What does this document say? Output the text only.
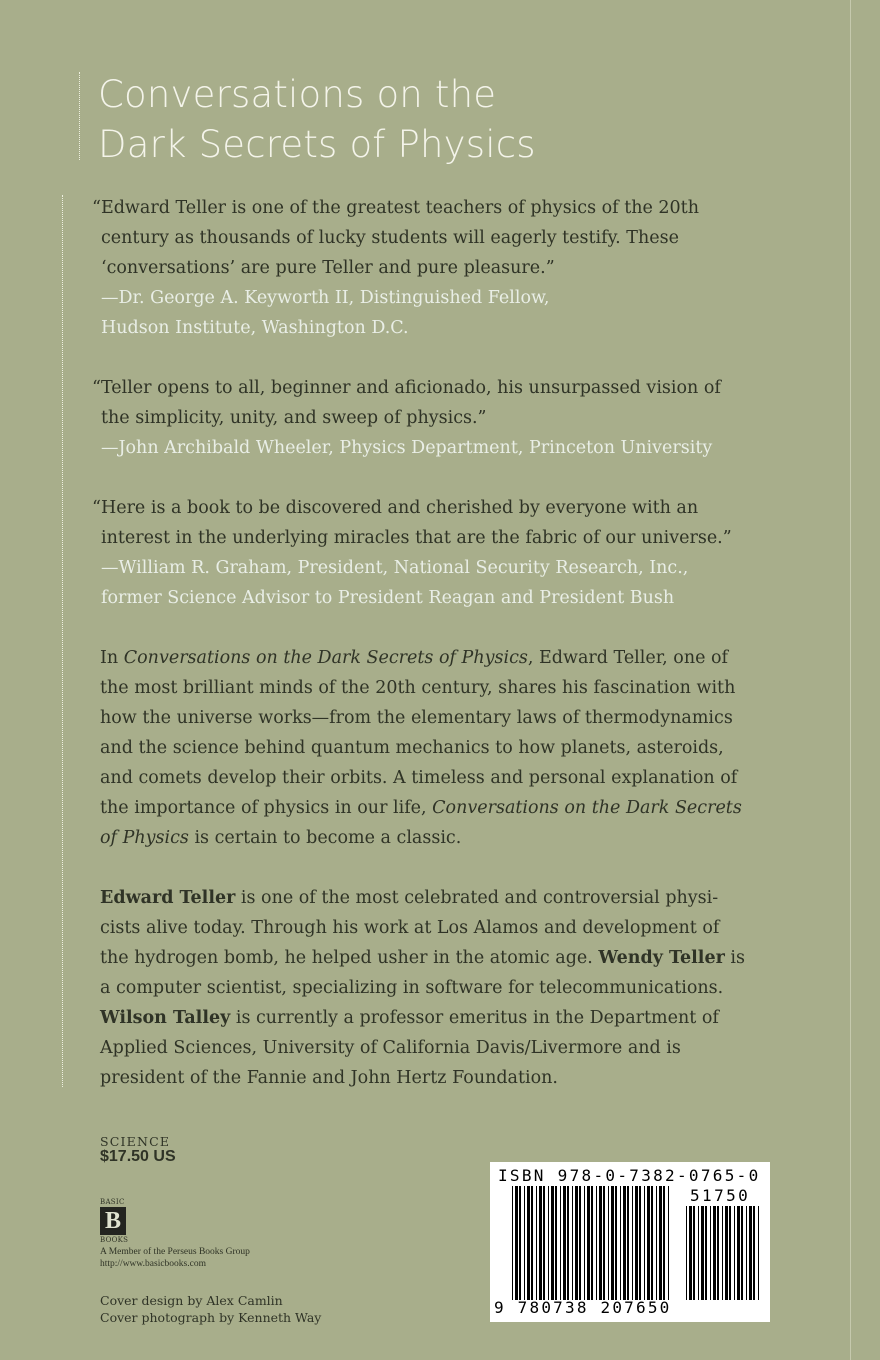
Conversations on the
Dark Secrets of Physics
“Edward Teller is one of the greatest teachers of physics of the 20th
century as thousands of lucky students will eagerly testify. These
‘conversations’ are pure Teller and pure pleasure.”
—Dr. George A. Keyworth II, Distinguished Fellow,
Hudson Institute, Washington D.C.
“Teller opens to all, beginner and aficionado, his unsurpassed vision of
the simplicity, unity, and sweep of physics.”
—John Archibald Wheeler, Physics Department, Princeton University
“Here is a book to be discovered and cherished by everyone with an
interest in the underlying miracles that are the fabric of our universe.”
—William R. Graham, President, National Security Research, Inc.,
former Science Advisor to President Reagan and President Bush
In Conversations on the Dark Secrets of Physics, Edward Teller, one of
the most brilliant minds of the 20th century, shares his fascination with
how the universe works—from the elementary laws of thermodynamics
and the science behind quantum mechanics to how planets, asteroids,
and comets develop their orbits. A timeless and personal explanation of
the importance of physics in our life, Conversations on the Dark Secrets
of Physics is certain to become a classic.
Edward Teller is one of the most celebrated and controversial physi-
cists alive today. Through his work at Los Alamos and development of
the hydrogen bomb, he helped usher in the atomic age. Wendy Teller is
a computer scientist, specializing in software for telecommunications.
Wilson Talley is currently a professor emeritus in the Department of
Applied Sciences, University of California Davis/Livermore and is
president of the Fannie and John Hertz Foundation.
SCIENCE
$17.50 US
BASIC
B
BOOKS
A Member of the Perseus Books Group
http://www.basicbooks.com
Cover design by Alex Camlin
Cover photograph by Kenneth Way
ISBN 978-0-7382-0765-0
51750
9 780738 207650
